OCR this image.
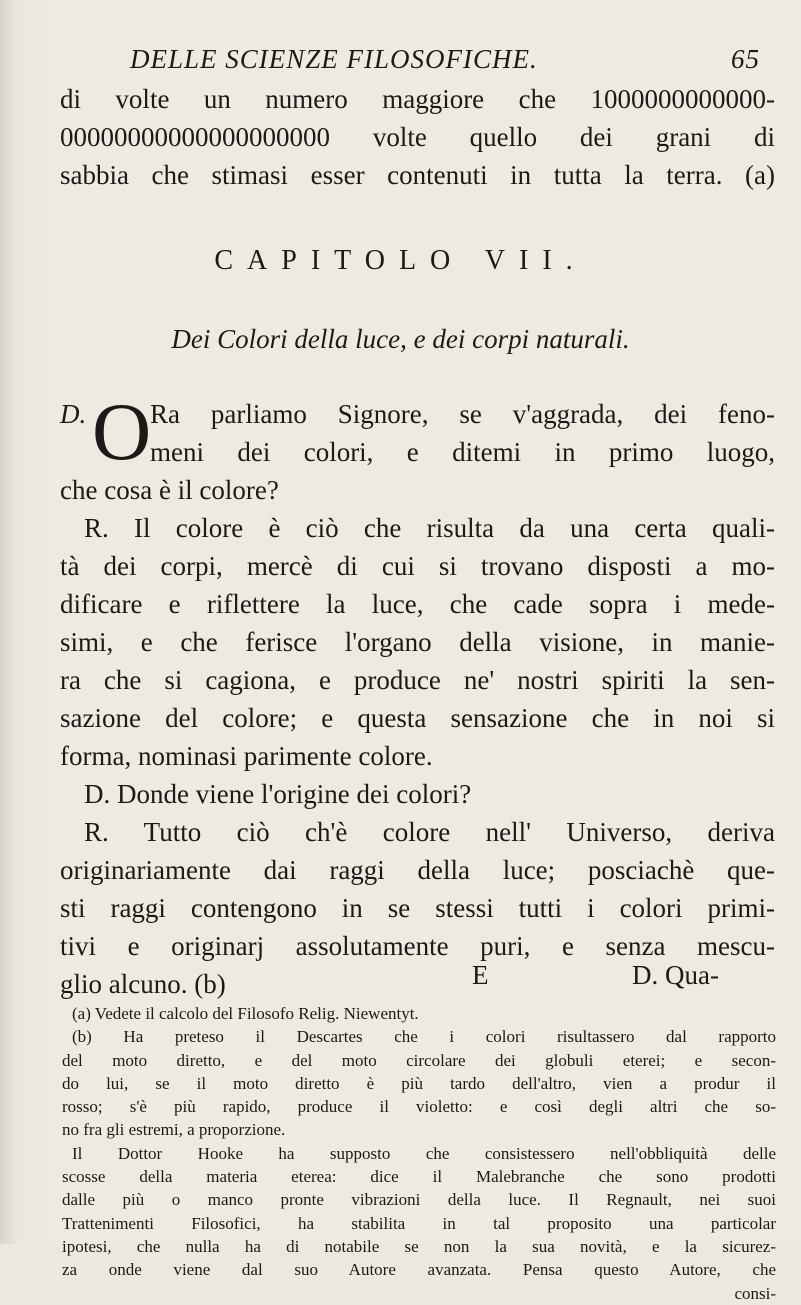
DELLE SCIENZE FILOSOFICHE.	65
di volte un numero maggiore che 1000000000000-
00000000000000000000 volte quello dei grani di
sabbia che stimasi esser contenuti in tutta la terra. (a)
CAPITOLO VII.
Dei Colori della luce, e dei corpi naturali.
O
D.	Ra parliamo Signore, se v'aggrada, dei feno-
meni dei colori, e ditemi in primo luogo,
che cosa è il colore?
R. Il colore è ciò che risulta da una certa quali-
tà dei corpi, mercè di cui si trovano disposti a mo-
dificare e riflettere la luce, che cade sopra i mede-
simi, e che ferisce l'organo della visione, in manie-
ra che si cagiona, e produce ne' nostri spiriti la sen-
sazione del colore; e questa sensazione che in noi si
forma, nominasi parimente colore.
D. Donde viene l'origine dei colori?
R. Tutto ciò ch'è colore nell' Universo, deriva
originariamente dai raggi della luce; posciachè que-
sti raggi contengono in se stessi tutti i colori primi-
tivi e originarj assolutamente puri, e senza mescu-
glio alcuno. (b)	E	D. Qua-
(a) Vedete il calcolo del Filosofo Relig. Niewentyt.
(b) Ha preteso il Descartes che i colori risultassero dal rapporto
del moto diretto, e del moto circolare dei globuli eterei; e secon-
do lui, se il moto diretto è più tardo dell'altro, vien a produr il
rosso; s'è più rapido, produce il violetto: e così degli altri che so-
no fra gli estremi, a proporzione.
Il Dottor Hooke ha supposto che consistessero nell'obbliquità delle
scosse della materia eterea: dice il Malebranche che sono prodotti
dalle più o manco pronte vibrazioni della luce. Il Regnault, nei suoi
Trattenimenti Filosofici, ha stabilita in tal proposito una particolar
ipotesi, che nulla ha di notabile se non la sua novità, e la sicurez-
za onde viene dal suo Autore avanzata. Pensa questo Autore, che
consi-
